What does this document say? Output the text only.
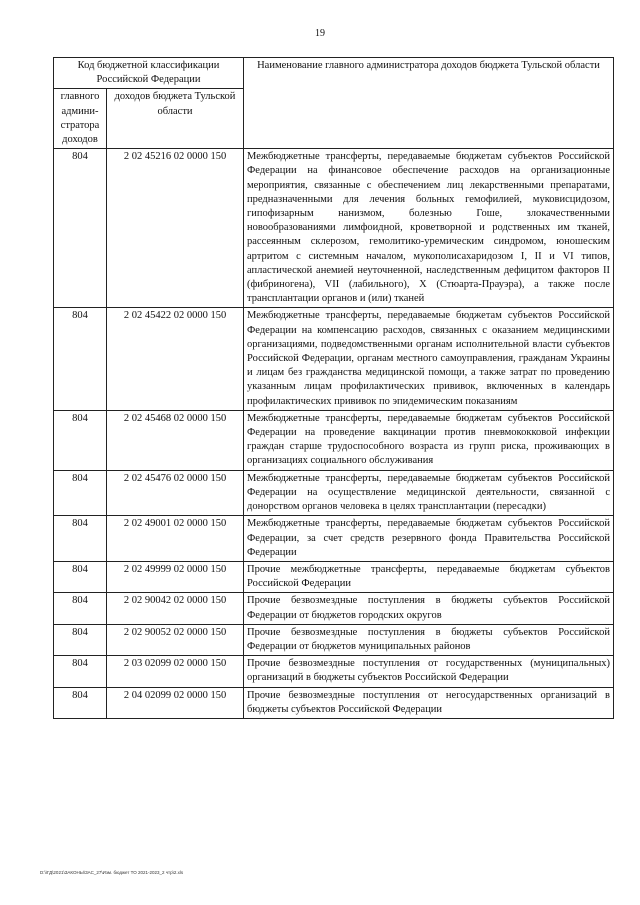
19
Код бюджетной классификации Российской Федерации		Наименование главного администратора доходов бюджета Тульской области
главного админи-стратора доходов	доходов бюджета Тульской области	
804	2 02 45216 02 0000 150	Межбюджетные трансферты, передаваемые бюджетам субъектов Российской Федерации на финансовое обеспечение расходов на организационные мероприятия, связанные с обеспечением лиц лекарственными препаратами, предназначенными для лечения больных гемофилией, муковисцидозом, гипофизарным нанизмом, болезнью Гоше, злокачественными новообразованиями лимфоидной, кроветворной и родственных им тканей, рассеянным склерозом, гемолитико-уремическим синдромом, юношеским артритом с системным началом, мукополисахаридозом I, II и VI типов, апластической анемией неуточненной, наследственным дефицитом факторов II (фибриногена), VII (лабильного), X (Стюарта-Прауэра), а также после трансплантации органов и (или) тканей
804	2 02 45422 02 0000 150	Межбюджетные трансферты, передаваемые бюджетам субъектов Российской Федерации на компенсацию расходов, связанных с оказанием медицинскими организациями, подведомственными органам исполнительной власти субъектов Российской Федерации, органам местного самоуправления, гражданам Украины и лицам без гражданства медицинской помощи, а также затрат по проведению указанным лицам профилактических прививок, включенных в календарь профилактических прививок по эпидемическим показаниям
804	2 02 45468 02 0000 150	Межбюджетные трансферты, передаваемые бюджетам субъектов Российской Федерации на проведение вакцинации против пневмококковой инфекции граждан старше трудоспособного возраста из групп риска, проживающих в организациях социального обслуживания
804	2 02 45476 02 0000 150	Межбюджетные трансферты, передаваемые бюджетам субъектов Российской Федерации на осуществление медицинской деятельности, связанной с донорством органов человека в целях трансплантации (пересадки)
804	2 02 49001 02 0000 150	Межбюджетные трансферты, передаваемые бюджетам субъектов Российской Федерации, за счет средств резервного фонда Правительства Российской Федерации
804	2 02 49999 02 0000 150	Прочие межбюджетные трансферты, передаваемые бюджетам субъектов Российской Федерации
804	2 02 90042 02 0000 150	Прочие безвозмездные поступления в бюджеты субъектов Российской Федерации от бюджетов городских округов
804	2 02 90052 02 0000 150	Прочие безвозмездные поступления в бюджеты субъектов Российской Федерации от бюджетов муниципальных районов
804	2 03 02099 02 0000 150	Прочие безвозмездные поступления от государственных (муниципальных) организаций в бюджеты субъектов Российской Федерации
804	2 04 02099 02 0000 150	Прочие безвозмездные поступления от негосударственных организаций в бюджеты субъектов Российской Федерации
D:\\ГД\2021\ЗАКОНЫ\ЗАС_27\Изм. бюджет ТО 2021-2023_2 чтр\2.xls
